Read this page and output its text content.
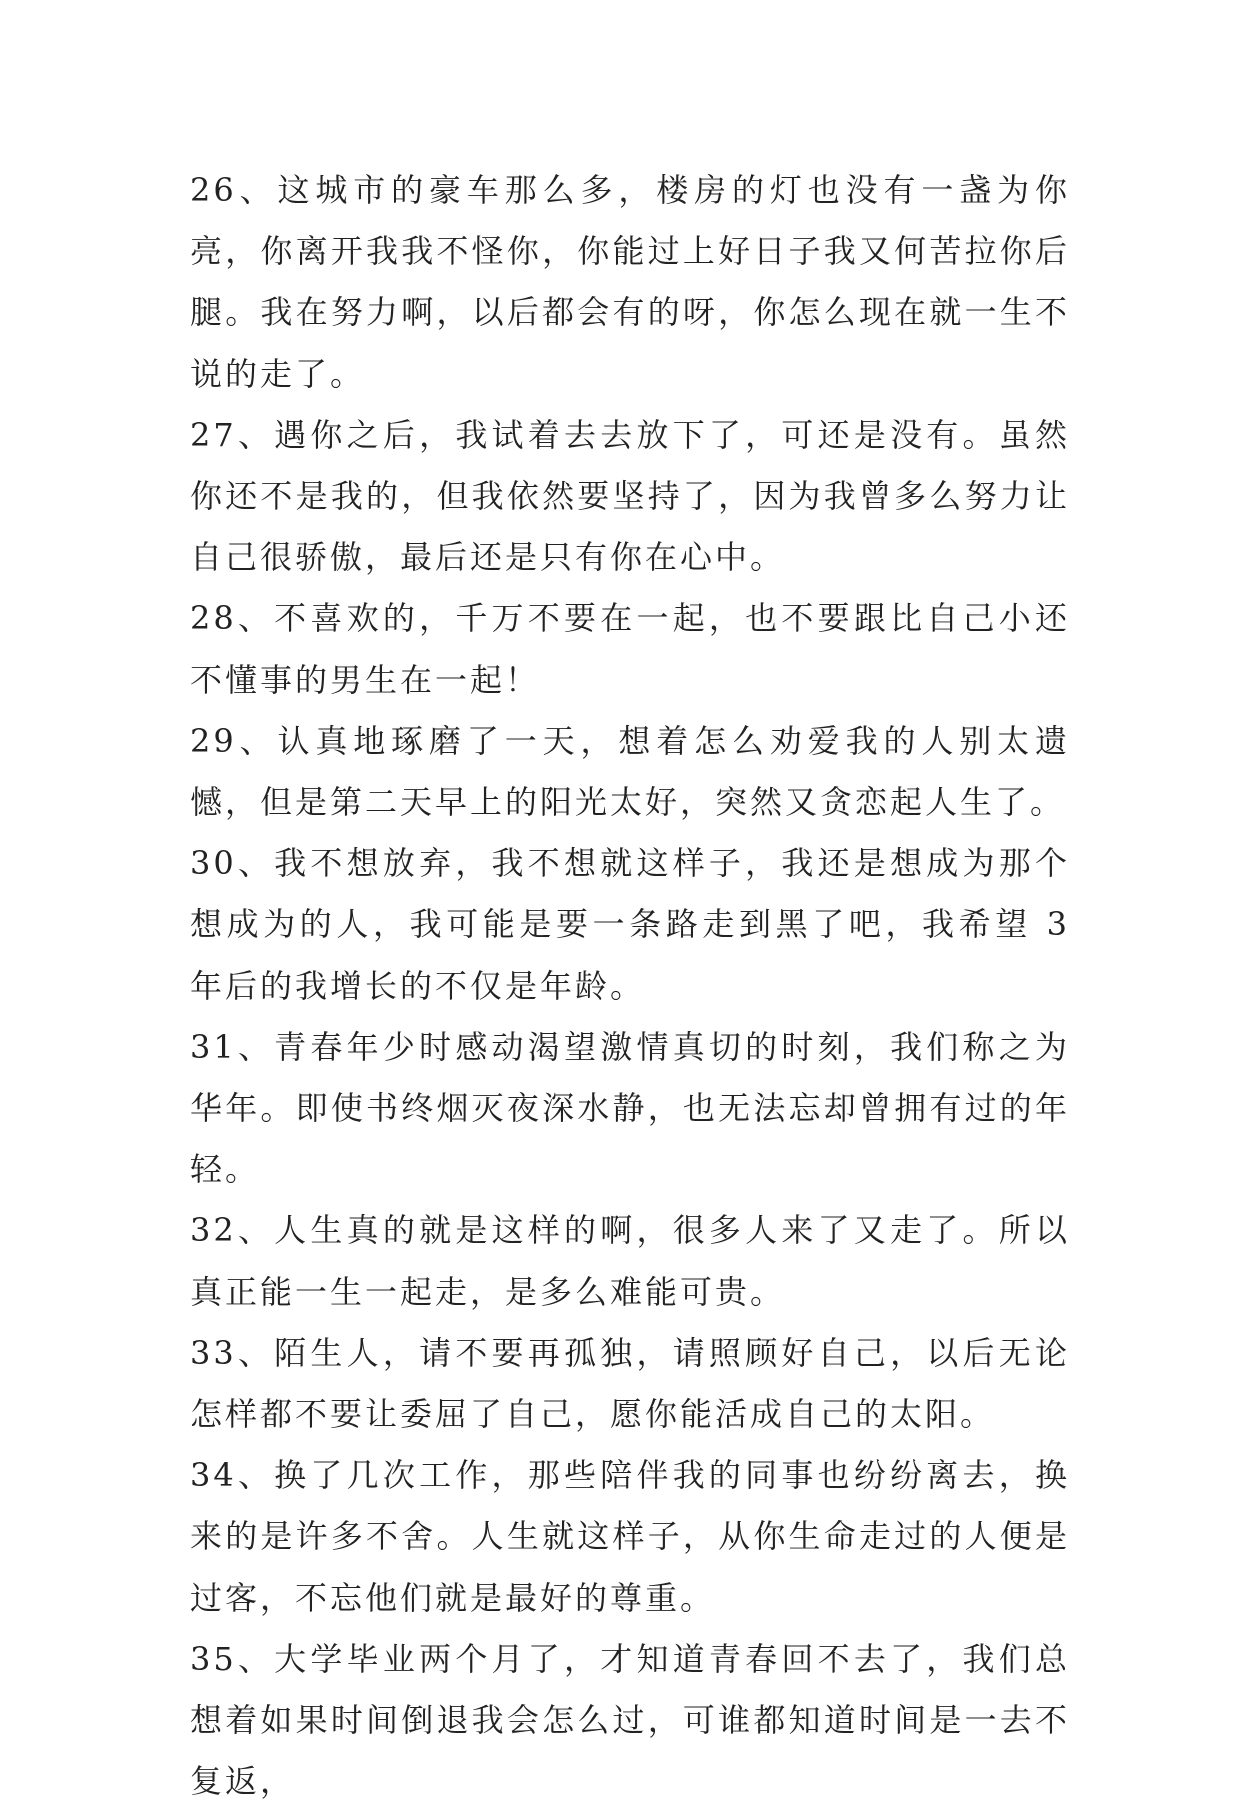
26、这城市的豪车那么多，楼房的灯也没有一盏为你亮，你离开我我不怪你，你能过上好日子我又何苦拉你后腿。我在努力啊，以后都会有的呀，你怎么现在就一生不说的走了。

27、遇你之后，我试着去去放下了，可还是没有。虽然你还不是我的，但我依然要坚持了，因为我曾多么努力让自己很骄傲，最后还是只有你在心中。

28、不喜欢的，千万不要在一起，也不要跟比自己小还不懂事的男生在一起！

29、认真地琢磨了一天，想着怎么劝爱我的人别太遗憾，但是第二天早上的阳光太好，突然又贪恋起人生了。

30、我不想放弃，我不想就这样子，我还是想成为那个想成为的人，我可能是要一条路走到黑了吧，我希望 3 年后的我增长的不仅是年龄。

31、青春年少时感动渴望激情真切的时刻，我们称之为华年。即使书终烟灭夜深水静，也无法忘却曾拥有过的年轻。

32、人生真的就是这样的啊，很多人来了又走了。所以真正能一生一起走，是多么难能可贵。

33、陌生人，请不要再孤独，请照顾好自己，以后无论怎样都不要让委屈了自己，愿你能活成自己的太阳。

34、换了几次工作，那些陪伴我的同事也纷纷离去，换来的是许多不舍。人生就这样子，从你生命走过的人便是过客，不忘他们就是最好的尊重。

35、大学毕业两个月了，才知道青春回不去了，我们总想着如果时间倒退我会怎么过，可谁都知道时间是一去不复返，
